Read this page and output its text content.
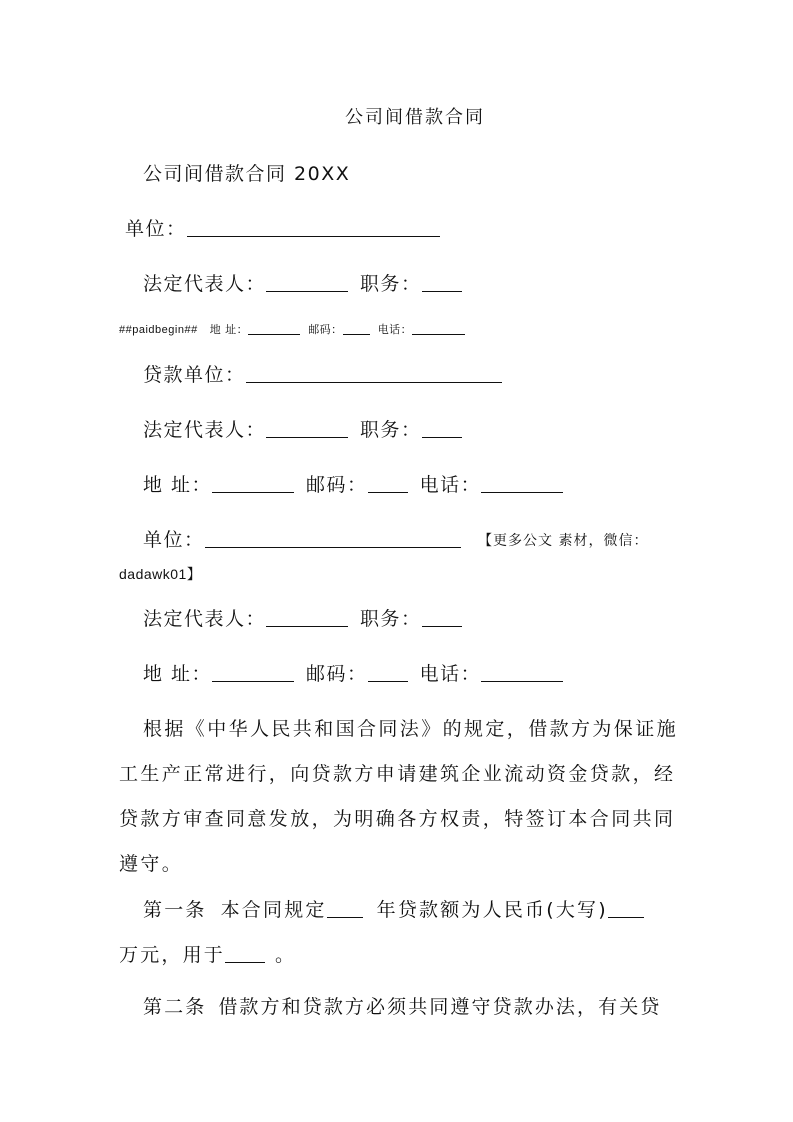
公司间借款合同
公司间借款合同 20XX
单位：
法定代表人：	职务：
##paidbegin## 地 址：	邮码：	电话：
贷款单位：
法定代表人：	职务：
地 址：	邮码：	电话：
单位：	【更多公文 素材，微信：
dadawk01】
法定代表人：	职务：
地 址：	邮码：	电话：
根据《中华人民共和国合同法》的规定，借款方为保证施
工生产正常进行，向贷款方申请建筑企业流动资金贷款，经
贷款方审查同意发放，为明确各方权责，特签订本合同共同
遵守。
第一条 本合同规定	年贷款额为人民币(大写)
万元，用于	。
第二条 借款方和贷款方必须共同遵守贷款办法，有关贷
